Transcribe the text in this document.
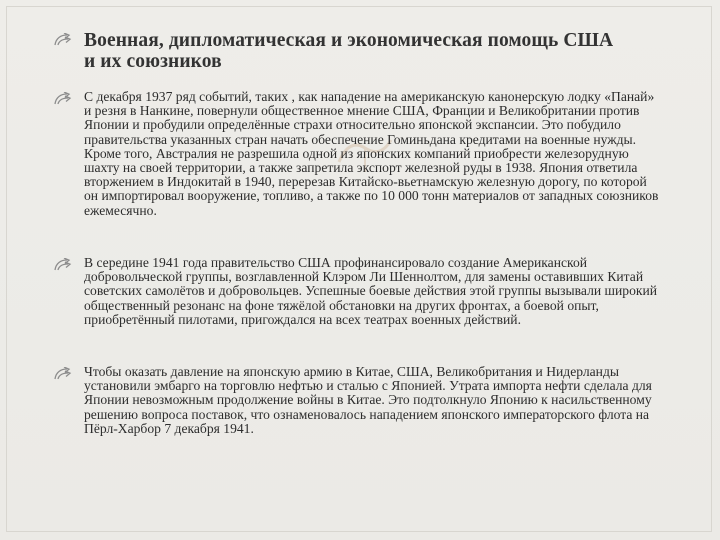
Военная, дипломатическая и экономическая помощь США
и их союзников

С декабря 1937 ряд событий, таких , как нападение на американскую канонерскую лодку «Панай» и резня в Нанкине, повернули общественное мнение США, Франции и Великобритании против Японии и пробудили определённые страхи относительно японской экспансии. Это побудило правительства указанных стран начать обеспечение Гоминьдана кредитами на военные нужды. Кроме того, Австралия не разрешила одной из японских компаний приобрести железорудную шахту на своей территории, а также запретила экспорт железной руды в 1938. Япония ответила вторжением в Индокитай в 1940, перерезав Китайско-вьетнамскую железную дорогу, по которой он импортировал вооружение, топливо, а также по 10 000 тонн материалов от западных союзников ежемесячно.

В середине 1941 года правительство США профинансировало создание Американской добровольческой группы, возглавленной Клэром Ли Шеннолтом, для замены оставивших Китай советских самолётов и добровольцев. Успешные боевые действия этой группы вызывали широкий общественный резонанс на фоне тяжёлой обстановки на других фронтах, а боевой опыт, приобретённый пилотами, пригождался на всех театрах военных действий.

Чтобы оказать давление на японскую армию в Китае, США, Великобритания и Нидерланды установили эмбарго на торговлю нефтью и сталью с Японией. Утрата импорта нефти сделала для Японии невозможным продолжение войны в Китае. Это подтолкнуло Японию к насильственному решению вопроса поставок, что ознаменовалось нападением японского императорского флота на Пёрл-Харбор 7 декабря 1941.
